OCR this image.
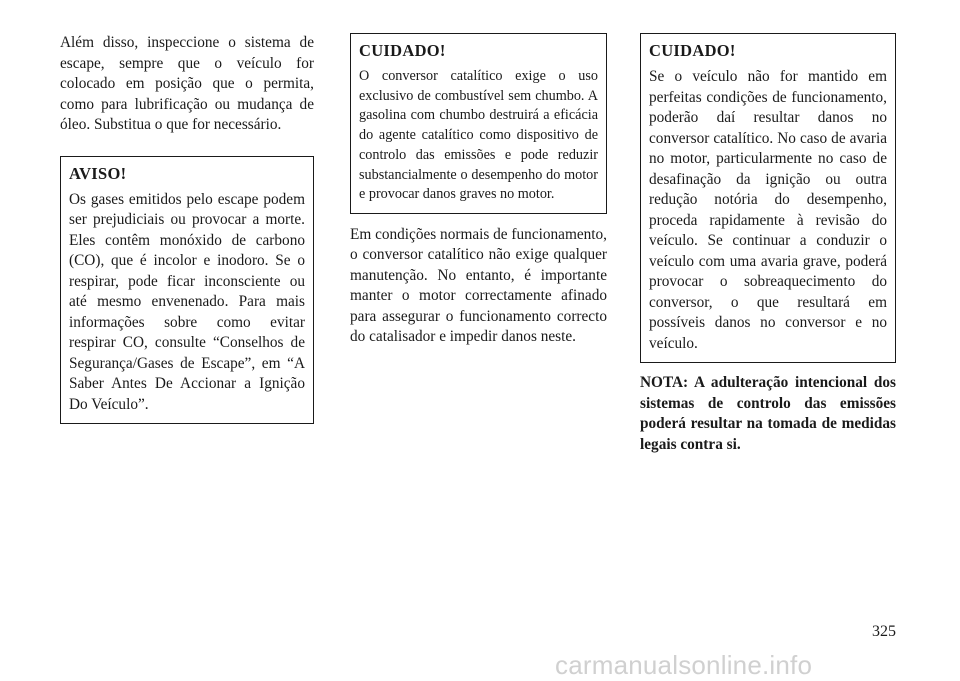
Além disso, inspeccione o sistema de escape, sempre que o veículo for colocado em posição que o permita, como para lubrificação ou mudança de óleo. Substitua o que for necessário.

AVISO!

Os gases emitidos pelo escape podem ser prejudiciais ou provocar a morte. Eles contêm monóxido de carbono (CO), que é incolor e inodoro. Se o respirar, pode ficar inconsciente ou até mesmo envenenado. Para mais informações sobre como evitar respirar CO, consulte “Conselhos de Segurança/Gases de Escape”, em “A Saber Antes De Accionar a Ignição Do Veículo”.

CUIDADO!

O conversor catalítico exige o uso exclusivo de combustível sem chumbo. A gasolina com chumbo destruirá a eficácia do agente catalítico como dispositivo de controlo das emissões e pode reduzir substancialmente o desempenho do motor e provocar danos graves no motor.

Em condições normais de funcionamento, o conversor catalítico não exige qualquer manutenção. No entanto, é importante manter o motor correctamente afinado para assegurar o funcionamento correcto do catalisador e impedir danos neste.

CUIDADO!

Se o veículo não for mantido em perfeitas condições de funcionamento, poderão daí resultar danos no conversor catalítico. No caso de avaria no motor, particularmente no caso de desafinação da ignição ou outra redução notória do desempenho, proceda rapidamente à revisão do veículo. Se continuar a conduzir o veículo com uma avaria grave, poderá provocar o sobreaquecimento do conversor, o que resultará em possíveis danos no conversor e no veículo.

NOTA: A adulteração intencional dos sistemas de controlo das emissões poderá resultar na tomada de medidas legais contra si.

325
carmanualsonline.info
